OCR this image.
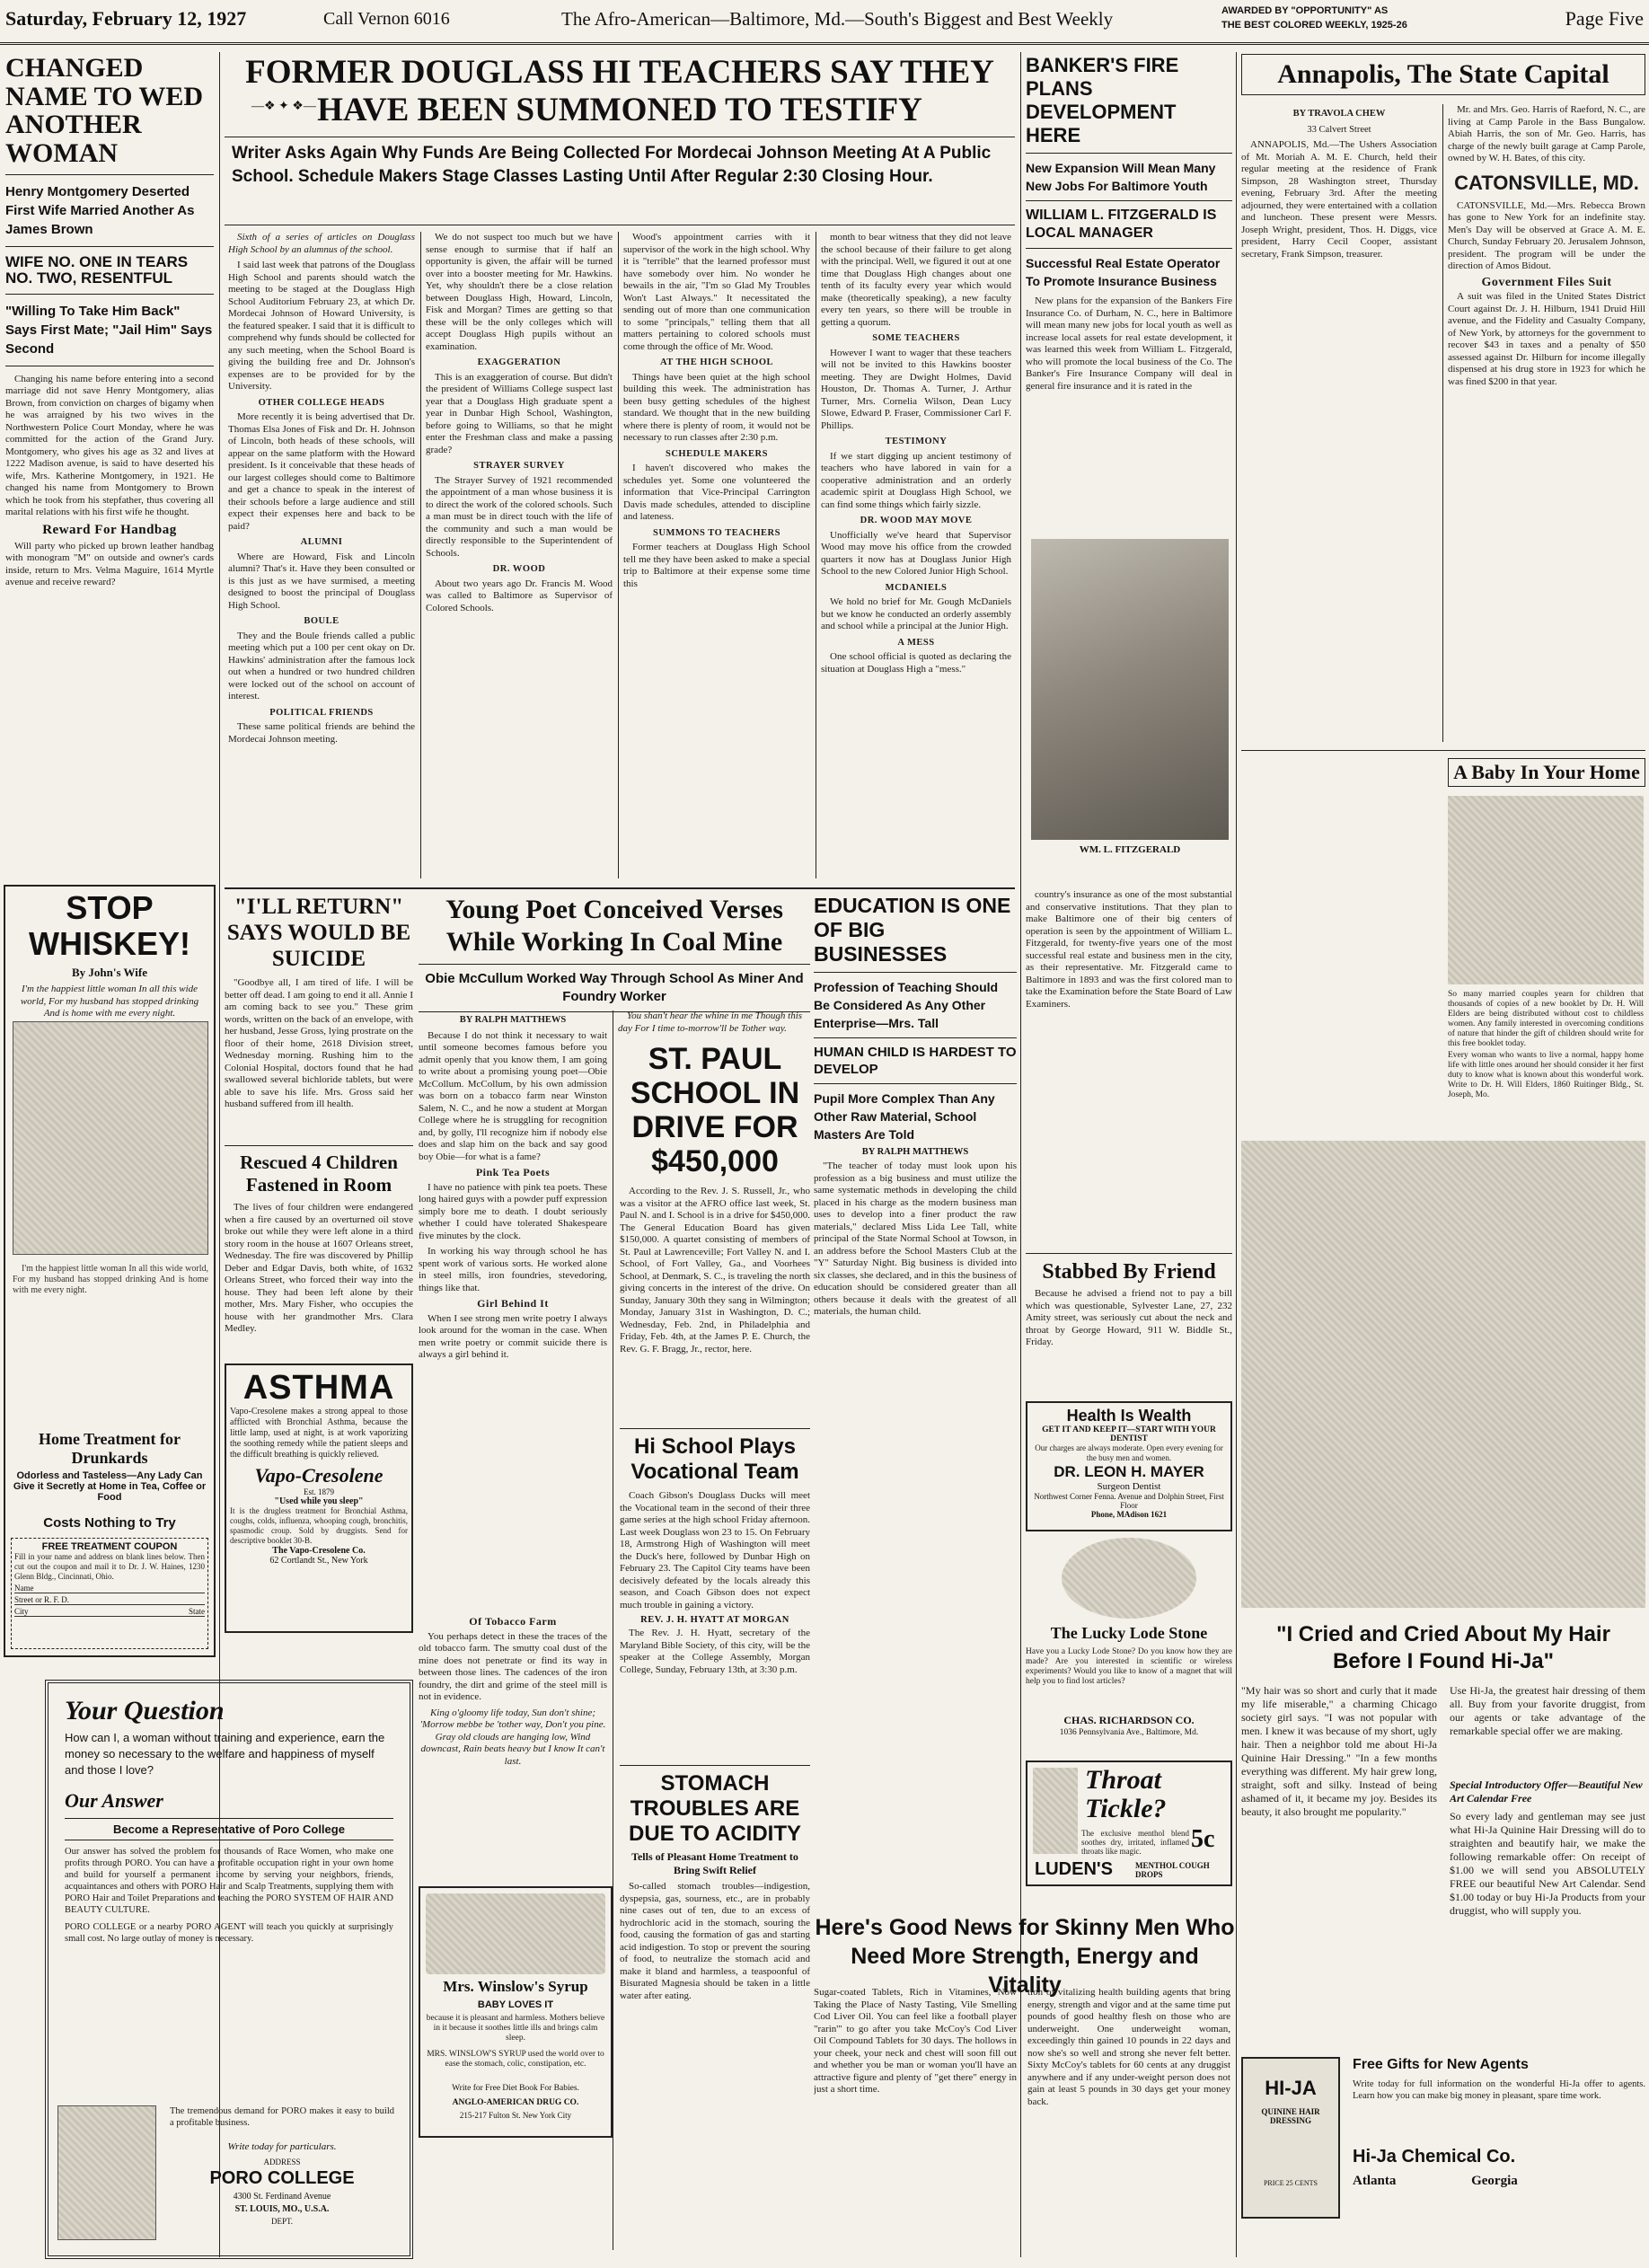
Saturday, February 12, 1927	Call Vernon 6016	The Afro-American—Baltimore, Md.—South's Biggest and Best Weekly	AWARDED BY "OPPORTUNITY" AS
THE BEST COLORED WEEKLY, 1925-26	Page Five
CHANGED NAME TO WED ANOTHER WOMAN
Henry Montgomery Deserted First Wife Married Another As James Brown
WIFE NO. ONE IN TEARS NO. TWO, RESENTFUL
"Willing To Take Him Back" Says First Mate; "Jail Him" Says Second

Changing his name before entering into a second marriage did not save Henry Montgomery, alias Brown, from conviction on charges of bigamy when he was arraigned by his two wives in the Northwestern Police Court Monday, where he was committed for the action of the Grand Jury. Montgomery, who gives his age as 32 and lives at 1222 Madison avenue, is said to have deserted his wife, Mrs. Katherine Montgomery, in 1921. He changed his name from Montgomery to Brown which he took from his stepfather, thus covering all marital relations with his first wife he thought.

Reward For Handbag

Will party who picked up brown leather handbag with monogram "M" on outside and owner's cards inside, return to Mrs. Velma Maguire, 1614 Myrtle avenue and receive reward?

STOP WHISKEY!
By John's Wife
I'm the happiest little woman In all this wide world, For my husband has stopped drinking And is home with me every night.

I'm the happiest little woman In all this wide world, For my husband has stopped drinking And is home with me every night.

Home Treatment for Drunkards
Odorless and Tasteless—Any Lady Can Give it Secretly at Home in Tea, Coffee or Food
Costs Nothing to Try
FREE TREATMENT COUPON
Fill in your name and address on blank lines below. Then cut out the coupon and mail it to Dr. J. W. Haines, 1230 Glenn Bldg., Cincinnati, Ohio.
Name
Street or R. F. D.
City	State
FORMER DOUGLASS HI TEACHERS SAY THEY HAVE BEEN SUMMONED TO TESTIFY
—❖ ✦ ❖—
Writer Asks Again Why Funds Are Being Collected For Mordecai Johnson Meeting At A Public School. Schedule Makers Stage Classes Lasting Until After Regular 2:30 Closing Hour.

Sixth of a series of articles on Douglass High School by an alumnus of the school.

I said last week that patrons of the Douglass High School and parents should watch the meeting to be staged at the Douglass High School Auditorium February 23, at which Dr. Mordecai Johnson of Howard University, is the featured speaker. I said that it is difficult to comprehend why funds should be collected for any such meeting, when the School Board is giving the building free and Dr. Johnson's expenses are to be provided for by the University.

OTHER COLLEGE HEADS

More recently it is being advertised that Dr. Thomas Elsa Jones of Fisk and Dr. H. Johnson of Lincoln, both heads of these schools, will appear on the same platform with the Howard president. Is it conceivable that these heads of our largest colleges should come to Baltimore and get a chance to speak in the interest of their schools before a large audience and still expect their expenses here and back to be paid?

ALUMNI

Where are Howard, Fisk and Lincoln alumni? That's it. Have they been consulted or is this just as we have surmised, a meeting designed to boost the principal of Douglass High School.

BOULE

They and the Boule friends called a public meeting which put a 100 per cent okay on Dr. Hawkins' administration after the famous lock out when a hundred or two hundred children were locked out of the school on account of interest.

POLITICAL FRIENDS

These same political friends are behind the Mordecai Johnson meeting.

We do not suspect too much but we have sense enough to surmise that if half an opportunity is given, the affair will be turned over into a booster meeting for Mr. Hawkins. Yet, why shouldn't there be a close relation between Douglass High, Howard, Lincoln, Fisk and Morgan? Times are getting so that these will be the only colleges which will accept Douglass High pupils without an examination.

EXAGGERATION

This is an exaggeration of course. But didn't the president of Williams College suspect last year that a Douglass High graduate spent a year in Dunbar High School, Washington, before going to Williams, so that he might enter the Freshman class and make a passing grade?

STRAYER SURVEY

The Strayer Survey of 1921 recommended the appointment of a man whose business it is to direct the work of the colored schools. Such a man must be in direct touch with the life of the community and such a man would be directly responsible to the Superintendent of Schools.

DR. WOOD

About two years ago Dr. Francis M. Wood was called to Baltimore as Supervisor of Colored Schools.

Wood's appointment carries with it supervisor of the work in the high school. Why it is "terrible" that the learned professor must have somebody over him. No wonder he bewails in the air, "I'm so Glad My Troubles Won't Last Always." It necessitated the sending out of more than one communication to some "principals," telling them that all matters pertaining to colored schools must come through the office of Mr. Wood.

AT THE HIGH SCHOOL

Things have been quiet at the high school building this week. The administration has been busy getting schedules of the highest standard. We thought that in the new building where there is plenty of room, it would not be necessary to run classes after 2:30 p.m.

SCHEDULE MAKERS

I haven't discovered who makes the schedules yet. Some one volunteered the information that Vice-Principal Carrington Davis made schedules, attended to discipline and lateness.

SUMMONS TO TEACHERS

Former teachers at Douglass High School tell me they have been asked to make a special trip to Baltimore at their expense some time this

month to bear witness that they did not leave the school because of their failure to get along with the principal. Well, we figured it out at one time that Douglass High changes about one tenth of its faculty every year which would make (theoretically speaking), a new faculty every ten years, so there will be trouble in getting a quorum.

SOME TEACHERS

However I want to wager that these teachers will not be invited to this Hawkins booster meeting. They are Dwight Holmes, David Houston, Dr. Thomas A. Turner, J. Arthur Turner, Mrs. Cornelia Wilson, Dean Lucy Slowe, Edward P. Fraser, Commissioner Carl F. Phillips.

TESTIMONY

If we start digging up ancient testimony of teachers who have labored in vain for a cooperative administration and an orderly academic spirit at Douglass High School, we can find some things which fairly sizzle.

DR. WOOD MAY MOVE

Unofficially we've heard that Supervisor Wood may move his office from the crowded quarters it now has at Douglass Junior High School to the new Colored Junior High School.

MCDANIELS

We hold no brief for Mr. Gough McDaniels but we know he conducted an orderly assembly and school while a principal at the Junior High.

A MESS

One school official is quoted as declaring the situation at Douglass High a "mess."

"I'LL RETURN" SAYS WOULD BE SUICIDE

"Goodbye all, I am tired of life. I will be better off dead. I am going to end it all. Annie I am coming back to see you." These grim words, written on the back of an envelope, with her husband, Jesse Gross, lying prostrate on the floor of their home, 2618 Division street, Wednesday morning. Rushing him to the Colonial Hospital, doctors found that he had swallowed several bichloride tablets, but were able to save his life. Mrs. Gross said her husband suffered from ill health.

Rescued 4 Children Fastened in Room

The lives of four children were endangered when a fire caused by an overturned oil stove broke out while they were left alone in a third story room in the house at 1607 Orleans street, Wednesday. The fire was discovered by Phillip Deber and Edgar Davis, both white, of 1632 Orleans Street, who forced their way into the house. They had been left alone by their mother, Mrs. Mary Fisher, who occupies the house with her grandmother Mrs. Clara Medley.

ASTHMA
Vapo-Cresolene makes a strong appeal to those afflicted with Bronchial Asthma, because the little lamp, used at night, is at work vaporizing the soothing remedy while the patient sleeps and the difficult breathing is quickly relieved.
Vapo-Cresolene
Est. 1879
"Used while you sleep"
It is the drugless treatment for Bronchial Asthma, coughs, colds, influenza, whooping cough, bronchitis, spasmodic croup. Sold by druggists. Send for descriptive booklet 30-B.
The Vapo-Cresolene Co.
62 Cortlandt St., New York
Your Question
How can I, a woman without training and experience, earn the money so necessary to the welfare and happiness of myself and those I love?
Our Answer
Become a Representative of Poro College
Our answer has solved the problem for thousands of Race Women, who make one profits through PORO. You can have a profitable occupation right in your own home and build for yourself a permanent income by serving your neighbors, friends, acquaintances and others with PORO Hair and Scalp Treatments, supplying them with PORO Hair and Toilet Preparations and teaching the PORO SYSTEM OF HAIR AND BEAUTY CULTURE.
PORO COLLEGE or a nearby PORO AGENT will teach you quickly at surprisingly small cost. No large outlay of money is necessary.
The tremendous demand for PORO makes it easy to build a profitable business.
Write today for particulars.
ADDRESS
PORO COLLEGE
4300 St. Ferdinand Avenue
ST. LOUIS, MO., U.S.A.
DEPT.
Young Poet Conceived Verses While Working In Coal Mine
Obie McCullum Worked Way Through School As Miner And Foundry Worker
BY RALPH MATTHEWS

Because I do not think it necessary to wait until someone becomes famous before you admit openly that you know them, I am going to write about a promising young poet—Obie McCollum. McCollum, by his own admission was born on a tobacco farm near Winston Salem, N. C., and he now a student at Morgan College where he is struggling for recognition and, by golly, I'll recognize him if nobody else does and slap him on the back and say good boy Obie—for what is a fame?

Pink Tea Poets

I have no patience with pink tea poets. These long haired guys with a powder puff expression simply bore me to death. I doubt seriously whether I could have tolerated Shakespeare five minutes by the clock.

In working his way through school he has spent work of various sorts. He worked alone in steel mills, iron foundries, stevedoring, things like that.

Girl Behind It

When I see strong men write poetry I always look around for the woman in the case. When men write poetry or commit suicide there is always a girl behind it.

You shan't hear the whine in me Though this day For I time to-morrow'll be Tother way.

Of Tobacco Farm

You perhaps detect in these the traces of the old tobacco farm. The smutty coal dust of the mine does not penetrate or find its way in between those lines. The cadences of the iron foundry, the dirt and grime of the steel mill is not in evidence.

King o'gloomy life today, Sun don't shine; 'Morrow mebbe be 'tother way, Don't you pine. Gray old clouds are hanging low, Wind downcast, Rain beats heavy but I know It can't last.

ST. PAUL SCHOOL IN DRIVE FOR $450,000

According to the Rev. J. S. Russell, Jr., who was a visitor at the AFRO office last week, St. Paul N. and I. School is in a drive for $450,000. The General Education Board has given $150,000. A quartet consisting of members of St. Paul at Lawrenceville; Fort Valley N. and I. School, of Fort Valley, Ga., and Voorhees School, at Denmark, S. C., is traveling the north giving concerts in the interest of the drive. On Sunday, January 30th they sang in Wilmington; Monday, January 31st in Washington, D. C.; Wednesday, Feb. 2nd, in Philadelphia and Friday, Feb. 4th, at the James P. E. Church, the Rev. G. F. Bragg, Jr., rector, here.

Hi School Plays Vocational Team

Coach Gibson's Douglass Ducks will meet the Vocational team in the second of their three game series at the high school Friday afternoon. Last week Douglass won 23 to 15. On February 18, Armstrong High of Washington will meet the Duck's here, followed by Dunbar High on February 23. The Capitol City teams have been decisively defeated by the locals already this season, and Coach Gibson does not expect much trouble in gaining a victory.

REV. J. H. HYATT AT MORGAN

The Rev. J. H. Hyatt, secretary of the Maryland Bible Society, of this city, will be the speaker at the College Assembly, Morgan College, Sunday, February 13th, at 3:30 p.m.

Mrs. Winslow's Syrup
BABY LOVES IT
because it is pleasant and harmless. Mothers believe in it because it soothes little ills and brings calm sleep.
MRS. WINSLOW'S SYRUP used the world over to ease the stomach, colic, constipation, etc.
Write for Free Diet Book For Babies.
ANGLO-AMERICAN DRUG CO.
215-217 Fulton St. New York City
STOMACH TROUBLES ARE DUE TO ACIDITY
Tells of Pleasant Home Treatment to Bring Swift Relief

So-called stomach troubles—indigestion, dyspepsia, gas, sourness, etc., are in probably nine cases out of ten, due to an excess of hydrochloric acid in the stomach, souring the food, causing the formation of gas and starting acid indigestion. To stop or prevent the souring of food, to neutralize the stomach acid and make it bland and harmless, a teaspoonful of Bisurated Magnesia should be taken in a little water after eating.

BANKER'S FIRE PLANS DEVELOPMENT HERE
New Expansion Will Mean Many New Jobs For Baltimore Youth
WILLIAM L. FITZGERALD IS LOCAL MANAGER
Successful Real Estate Operator To Promote Insurance Business

New plans for the expansion of the Bankers Fire Insurance Co. of Durham, N. C., here in Baltimore will mean many new jobs for local youth as well as increase local assets for real estate development, it was learned this week from William L. Fitzgerald, who will promote the local business of the Co. The Banker's Fire Insurance Company will deal in general fire insurance and it is rated in the

Annapolis, The State Capital
BY TRAVOLA CHEW
33 Calvert Street

ANNAPOLIS, Md.—The Ushers Association of Mt. Moriah A. M. E. Church, held their regular meeting at the residence of Frank Simpson, 28 Washington street, Thursday evening, February 3rd. After the meeting adjourned, they were entertained with a collation and luncheon. These present were Messrs. Joseph Wright, president, Thos. H. Diggs, vice president, Harry Cecil Cooper, assistant secretary, Frank Simpson, treasurer.

Mr. and Mrs. Geo. Harris of Raeford, N. C., are living at Camp Parole in the Bass Bungalow. Abiah Harris, the son of Mr. Geo. Harris, has charge of the newly built garage at Camp Parole, owned by W. H. Bates, of this city.

CATONSVILLE, MD.

CATONSVILLE, Md.—Mrs. Rebecca Brown has gone to New York for an indefinite stay. Men's Day will be observed at Grace A. M. E. Church, Sunday February 20. Jerusalem Johnson, president. The program will be under the direction of Amos Bidout.

Government Files Suit

A suit was filed in the United States District Court against Dr. J. H. Hilburn, 1941 Druid Hill avenue, and the Fidelity and Casualty Company, of New York, by attorneys for the government to recover $43 in taxes and a penalty of $50 assessed against Dr. Hilburn for income illegally dispensed at his drug store in 1923 for which he was fined $200 in that year.

EDUCATION IS ONE OF BIG BUSINESSES
Profession of Teaching Should Be Considered As Any Other Enterprise—Mrs. Tall
HUMAN CHILD IS HARDEST TO DEVELOP
Pupil More Complex Than Any Other Raw Material, School Masters Are Told
BY RALPH MATTHEWS

"The teacher of today must look upon his profession as a big business and must utilize the same systematic methods in developing the child placed in his charge as the modern business man uses to develop into a finer product the raw materials," declared Miss Lida Lee Tall, white principal of the State Normal School at Towson, in an address before the School Masters Club at the "Y" Saturday Night. Big business is divided into six classes, she declared, and in this the business of education should be considered greater than all others because it deals with the greatest of all materials, the human child.

Stabbed By Friend

Because he advised a friend not to pay a bill which was questionable, Sylvester Lane, 27, 232 Amity street, was seriously cut about the neck and throat by George Howard, 911 W. Biddle St., Friday.

country's insurance as one of the most substantial and conservative institutions. That they plan to make Baltimore one of their big centers of operation is seen by the appointment of William L. Fitzgerald, for twenty-five years one of the most successful real estate and business men in the city, as their representative. Mr. Fitzgerald came to Baltimore in 1893 and was the first colored man to take the Examination before the State Board of Law Examiners.

WM. L. FITZGERALD
Health Is Wealth
GET IT AND KEEP IT—START WITH YOUR DENTIST
Our charges are always moderate. Open every evening for the busy men and women.
DR. LEON H. MAYER
Surgeon Dentist
Northwest Corner Fenna. Avenue and Dolphin Street, First Floor
Phone, MAdison 1621
The Lucky Lode Stone
Have you a Lucky Lode Stone? Do you know how they are made? Are you interested in scientific or wireless experiments? Would you like to know of a magnet that will help you to find lost articles?
CHAS. RICHARDSON CO.
1036 Pennsylvania Ave., Baltimore, Md.
Throat Tickle?
The exclusive menthol blend soothes dry, irritated, inflamed throats like magic.	5c
LUDEN'S	MENTHOL COUGH DROPS
A Baby In Your Home
So many married couples yearn for children that thousands of copies of a new booklet by Dr. H. Will Elders are being distributed without cost to childless women. Any family interested in overcoming conditions of nature that hinder the gift of children should write for this free booklet today.
Every woman who wants to live a normal, happy home life with little ones around her should consider it her first duty to know what is known about this wonderful work. Write to Dr. H. Will Elders, 1860 Ruitinger Bldg., St. Joseph, Mo.
"I Cried and Cried About My Hair Before I Found Hi-Ja"
"My hair was so short and curly that it made my life miserable," a charming Chicago society girl says. "I was not popular with men. I knew it was because of my short, ugly hair. Then a neighbor told me about Hi-Ja Quinine Hair Dressing." "In a few months everything was different. My hair grew long, straight, soft and silky. Instead of being ashamed of it, it became my joy. Besides its beauty, it also brought me popularity."
Use Hi-Ja, the greatest hair dressing of them all. Buy from your favorite druggist, from our agents or take advantage of the remarkable special offer we are making.
Special Introductory Offer—Beautiful New Art Calendar Free
So every lady and gentleman may see just what Hi-Ja Quinine Hair Dressing will do to straighten and beautify hair, we make the following remarkable offer: On receipt of $1.00 we will send you ABSOLUTELY FREE our beautiful New Art Calendar. Send $1.00 today or buy Hi-Ja Products from your druggist, who will supply you.
HI-JA
QUININE HAIR DRESSING
PRICE 25 CENTS
Free Gifts for New Agents
Write today for full information on the wonderful Hi-Ja offer to agents. Learn how you can make big money in pleasant, spare time work.
Hi-Ja Chemical Co.
Atlanta	Georgia
Here's Good News for Skinny Men Who Need More Strength, Energy and Vitality
Sugar-coated Tablets, Rich in Vitamines, Now Taking the Place of Nasty Tasting, Vile Smelling Cod Liver Oil. You can feel like a football player "rarin'" to go after you take McCoy's Cod Liver Oil Compound Tablets for 30 days. The hollows in your cheek, your neck and chest will soon fill out and whether you be man or woman you'll have an attractive figure and plenty of "get there" energy in just a short time.
tion of vitalizing health building agents that bring energy, strength and vigor and at the same time put pounds of good healthy flesh on those who are underweight. One underweight woman, exceedingly thin gained 10 pounds in 22 days and now she's so well and strong she never felt better. Sixty McCoy's tablets for 60 cents at any druggist anywhere and if any under-weight person does not gain at least 5 pounds in 30 days get your money back.
